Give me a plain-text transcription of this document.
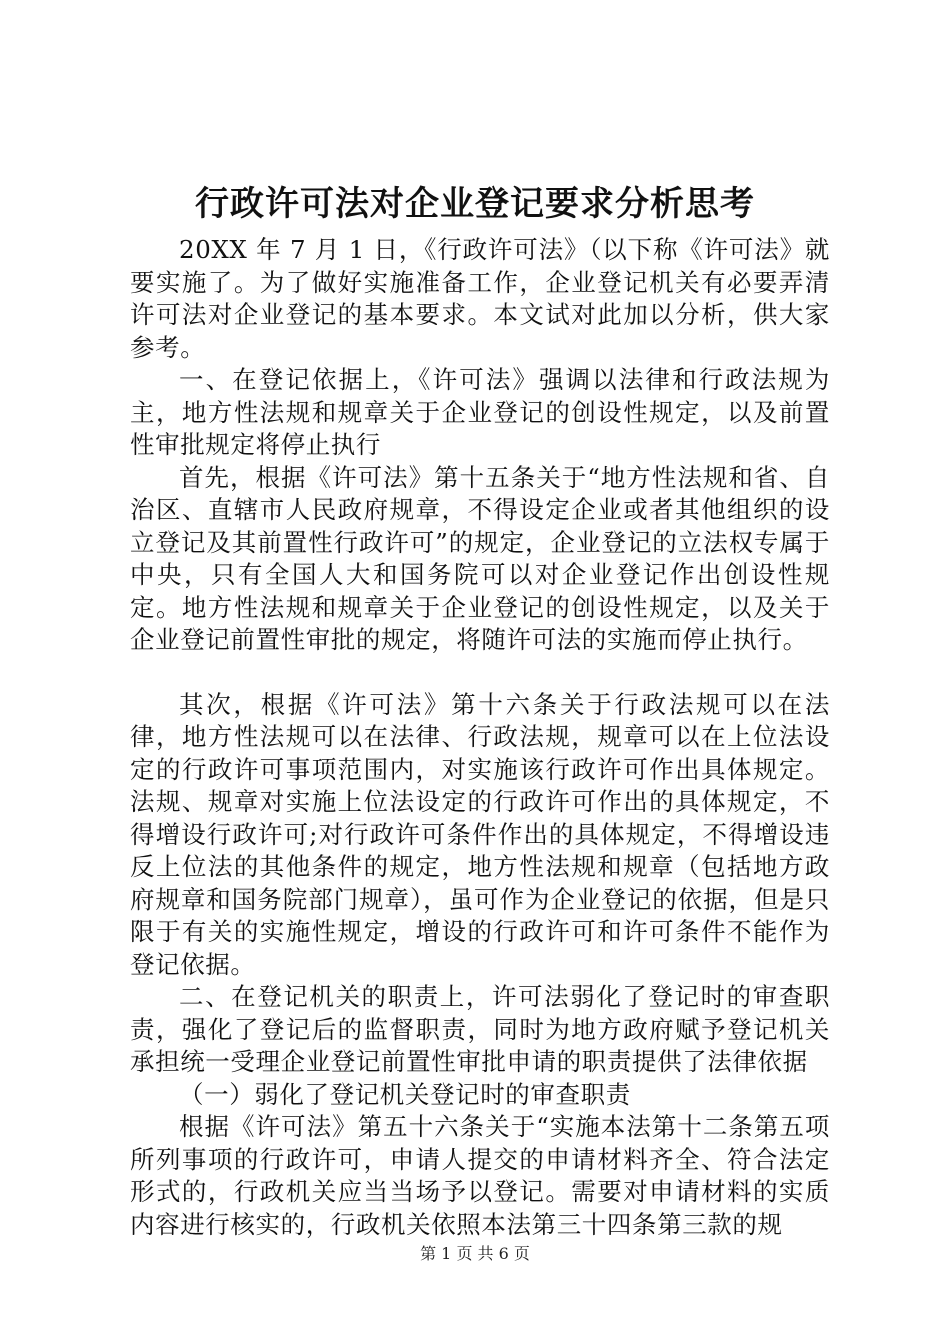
行政许可法对企业登记要求分析思考

20XX 年 7 月 1 日，《行政许可法》（以下称《许可法》就要实施了。为了做好实施准备工作，企业登记机关有必要弄清许可法对企业登记的基本要求。本文试对此加以分析，供大家参考。

一、在登记依据上，《许可法》强调以法律和行政法规为主，地方性法规和规章关于企业登记的创设性规定，以及前置性审批规定将停止执行

首先，根据《许可法》第十五条关于“地方性法规和省、自治区、直辖市人民政府规章，不得设定企业或者其他组织的设立登记及其前置性行政许可”的规定，企业登记的立法权专属于中央，只有全国人大和国务院可以对企业登记作出创设性规定。地方性法规和规章关于企业登记的创设性规定，以及关于企业登记前置性审批的规定，将随许可法的实施而停止执行。

其次，根据《许可法》第十六条关于行政法规可以在法律，地方性法规可以在法律、行政法规，规章可以在上位法设定的行政许可事项范围内，对实施该行政许可作出具体规定。法规、规章对实施上位法设定的行政许可作出的具体规定，不得增设行政许可;对行政许可条件作出的具体规定，不得增设违反上位法的其他条件的规定，地方性法规和规章（包括地方政府规章和国务院部门规章），虽可作为企业登记的依据，但是只限于有关的实施性规定，增设的行政许可和许可条件不能作为登记依据。

二、在登记机关的职责上，许可法弱化了登记时的审查职责，强化了登记后的监督职责，同时为地方政府赋予登记机关承担统一受理企业登记前置性审批申请的职责提供了法律依据

（一）弱化了登记机关登记时的审查职责

根据《许可法》第五十六条关于“实施本法第十二条第五项所列事项的行政许可，申请人提交的申请材料齐全、符合法定形式的，行政机关应当当场予以登记。需要对申请材料的实质内容进行核实的，行政机关依照本法第三十四条第三款的规

第 1 页 共 6 页
